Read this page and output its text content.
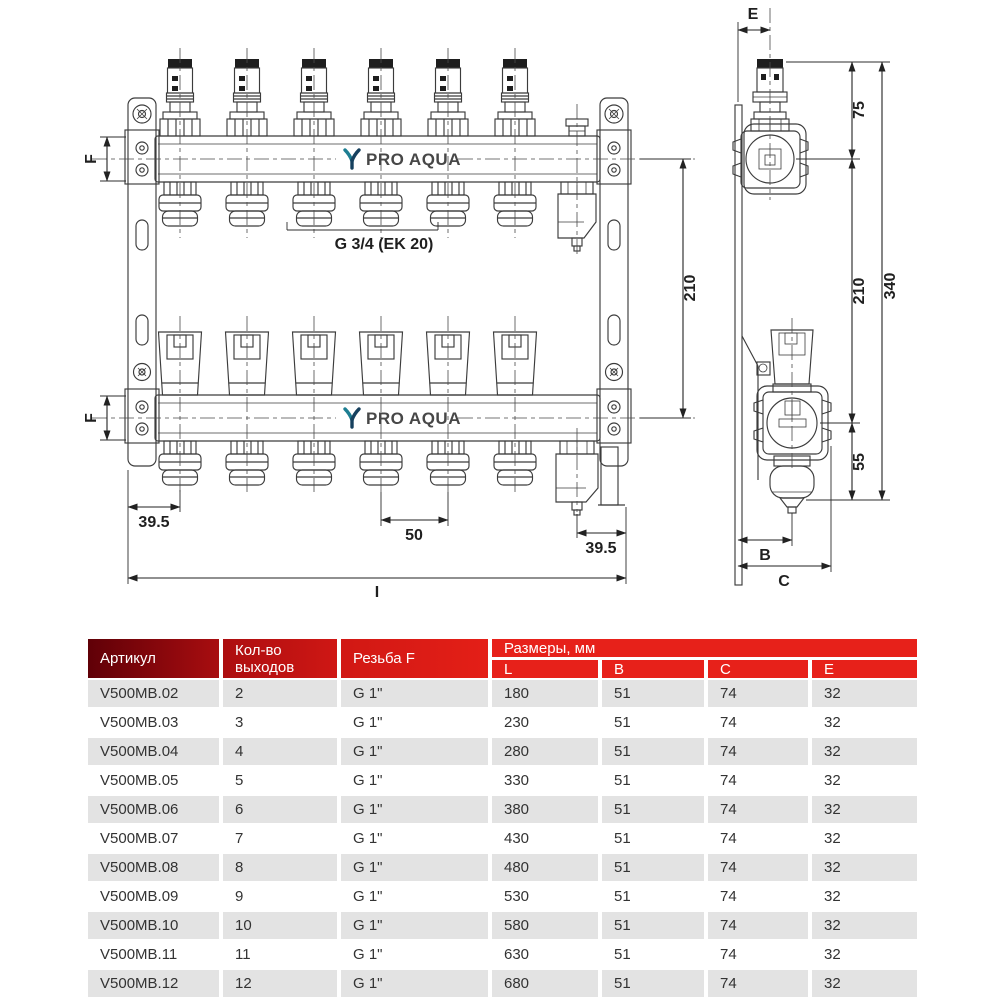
PRO AQUA
PRO AQUA
F
F
G 3/4 (EK 20)
210
39.5
50
39.5
I
E
75
210
55
340
B
C
Артикул	Кол-во выходов	Резьба F
Размеры, мм
L	B	C	E
V500MB.02	2	G 1"	180	51	74	32
V500MB.03	3	G 1"	230	51	74	32
V500MB.04	4	G 1"	280	51	74	32
V500MB.05	5	G 1"	330	51	74	32
V500MB.06	6	G 1"	380	51	74	32
V500MB.07	7	G 1"	430	51	74	32
V500MB.08	8	G 1"	480	51	74	32
V500MB.09	9	G 1"	530	51	74	32
V500MB.10	10	G 1"	580	51	74	32
V500MB.11	11	G 1"	630	51	74	32
V500MB.12	12	G 1"	680	51	74	32
